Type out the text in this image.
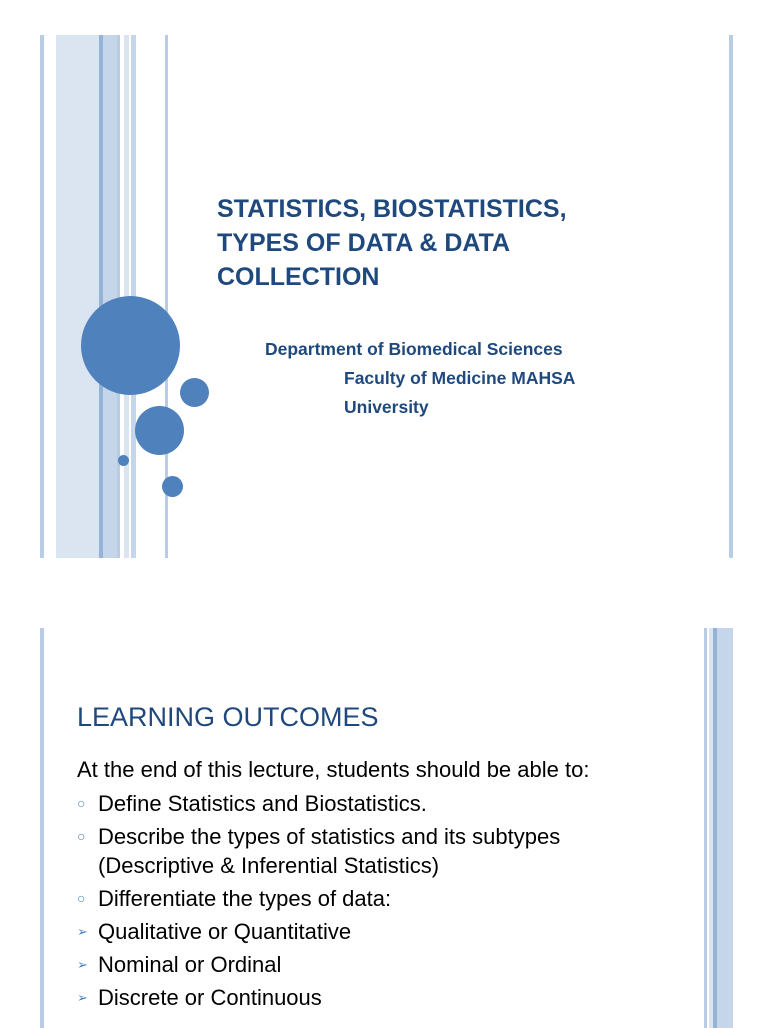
STATISTICS, BIOSTATISTICS,
TYPES OF DATA & DATA
COLLECTION
Department of Biomedical Sciences
Faculty of Medicine MAHSA
University
LEARNING OUTCOMES
At the end of this lecture, students should be able to:
○ Define Statistics and Biostatistics.
○ Describe the types of statistics and its subtypes
(Descriptive & Inferential Statistics)
○ Differentiate the types of data:
➢ Qualitative or Quantitative
➢ Nominal or Ordinal
➢ Discrete or Continuous
